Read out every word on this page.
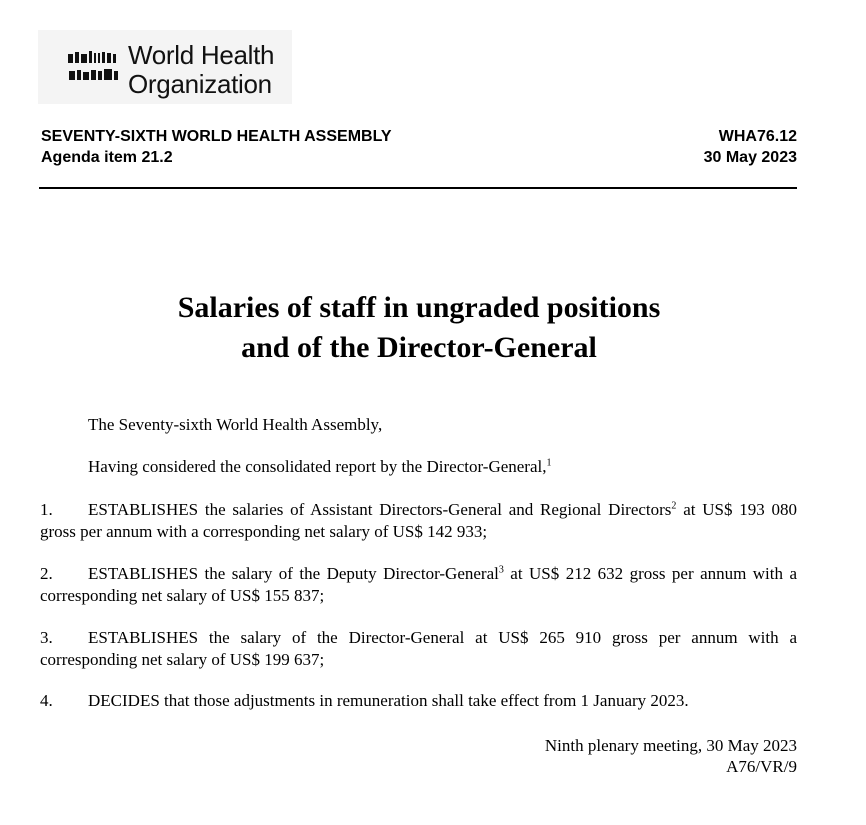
World Health
Organization
SEVENTY-SIXTH WORLD HEALTH ASSEMBLY
Agenda item 21.2
WHA76.12
30 May 2023
Salaries of staff in ungraded positions
and of the Director-General
The Seventy-sixth World Health Assembly,
Having considered the consolidated report by the Director-General,$^1$
1. ESTABLISHES the salaries of Assistant Directors-General and Regional Directors$^2$ at US$ 193 080 gross per annum with a corresponding net salary of US$ 142 933;
2. ESTABLISHES the salary of the Deputy Director-General$^3$ at US$ 212 632 gross per annum with a corresponding net salary of US$ 155 837;
3. ESTABLISHES the salary of the Director-General at US$ 265 910 gross per annum with a corresponding net salary of US$ 199 637;
4. DECIDES that those adjustments in remuneration shall take effect from 1 January 2023.
Ninth plenary meeting, 30 May 2023
A76/VR/9
